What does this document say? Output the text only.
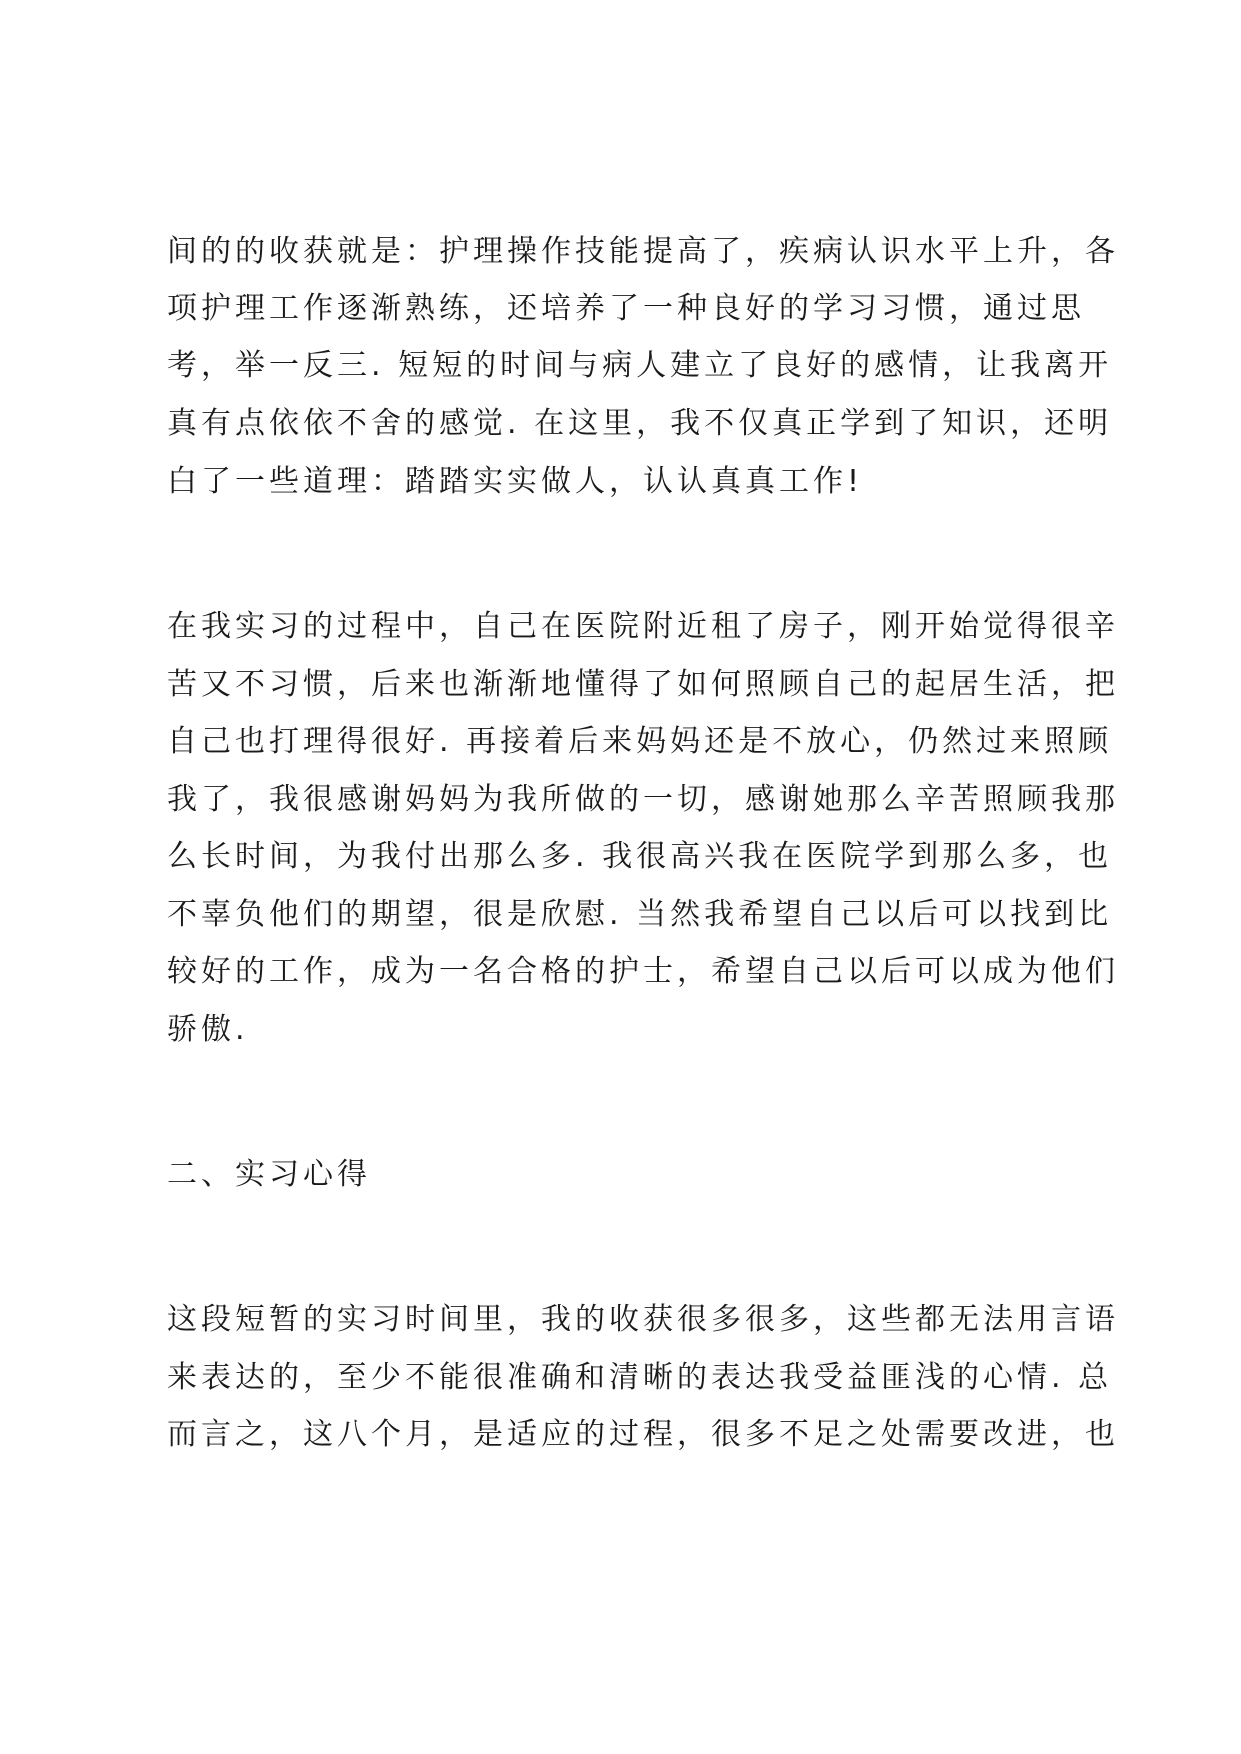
间的的收获就是：护理操作技能提高了，疾病认识水平上升，各
项护理工作逐渐熟练，还培养了一种良好的学习习惯，通过思
考，举一反三. 短短的时间与病人建立了良好的感情，让我离开
真有点依依不舍的感觉. 在这里，我不仅真正学到了知识，还明
白了一些道理：踏踏实实做人，认认真真工作!
在我实习的过程中，自己在医院附近租了房子，刚开始觉得很辛
苦又不习惯，后来也渐渐地懂得了如何照顾自己的起居生活，把
自己也打理得很好. 再接着后来妈妈还是不放心，仍然过来照顾
我了，我很感谢妈妈为我所做的一切，感谢她那么辛苦照顾我那
么长时间，为我付出那么多. 我很高兴我在医院学到那么多，也
不辜负他们的期望，很是欣慰. 当然我希望自己以后可以找到比
较好的工作，成为一名合格的护士，希望自己以后可以成为他们
骄傲.
二、实习心得
这段短暂的实习时间里，我的收获很多很多，这些都无法用言语
来表达的，至少不能很准确和清晰的表达我受益匪浅的心情. 总
而言之，这八个月，是适应的过程，很多不足之处需要改进，也
